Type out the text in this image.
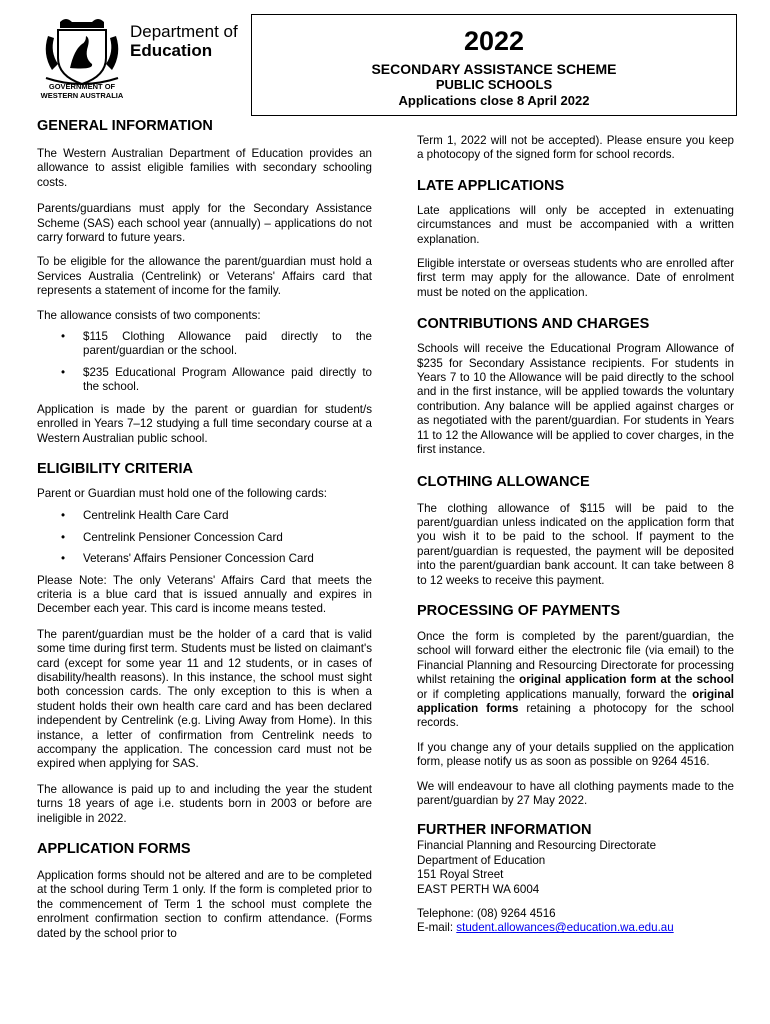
Department of
Education
GOVERNMENT OF
WESTERN AUSTRALIA
2022
SECONDARY ASSISTANCE SCHEME
PUBLIC SCHOOLS
Applications close 8 April 2022
GENERAL INFORMATION

The Western Australian Department of Education provides an allowance to assist eligible families with secondary schooling costs.

Parents/guardians must apply for the Secondary Assistance Scheme (SAS) each school year (annually) – applications do not carry forward to future years.

To be eligible for the allowance the parent/guardian must hold a Services Australia (Centrelink) or Veterans' Affairs card that represents a statement of income for the family.

The allowance consists of two components:

• $115 Clothing Allowance paid directly to the parent/guardian or the school.
• $235 Educational Program Allowance paid directly to the school.

Application is made by the parent or guardian for student/s enrolled in Years 7–12 studying a full time secondary course at a Western Australian public school.

ELIGIBILITY CRITERIA

Parent or Guardian must hold one of the following cards:

• Centrelink Health Care Card
• Centrelink Pensioner Concession Card
• Veterans' Affairs Pensioner Concession Card

Please Note: The only Veterans' Affairs Card that meets the criteria is a blue card that is issued annually and expires in December each year. This card is income means tested.

The parent/guardian must be the holder of a card that is valid some time during first term. Students must be listed on claimant's card (except for some year 11 and 12 students, or in cases of disability/health reasons). In this instance, the school must sight both concession cards. The only exception to this is when a student holds their own health care card and has been declared independent by Centrelink (e.g. Living Away from Home). In this instance, a letter of confirmation from Centrelink needs to accompany the application. The concession card must not be expired when applying for SAS.

The allowance is paid up to and including the year the student turns 18 years of age i.e. students born in 2003 or before are ineligible in 2022.

APPLICATION FORMS

Application forms should not be altered and are to be completed at the school during Term 1 only. If the form is completed prior to the commencement of Term 1 the school must complete the enrolment confirmation section to confirm attendance. (Forms dated by the school prior to

Term 1, 2022 will not be accepted). Please ensure you keep a photocopy of the signed form for school records.

LATE APPLICATIONS

Late applications will only be accepted in extenuating circumstances and must be accompanied with a written explanation.

Eligible interstate or overseas students who are enrolled after first term may apply for the allowance. Date of enrolment must be noted on the application.

CONTRIBUTIONS AND CHARGES

Schools will receive the Educational Program Allowance of $235 for Secondary Assistance recipients. For students in Years 7 to 10 the Allowance will be paid directly to the school and in the first instance, will be applied towards the voluntary contribution. Any balance will be applied against charges or as negotiated with the parent/guardian. For students in Years 11 to 12 the Allowance will be applied to cover charges, in the first instance.

CLOTHING ALLOWANCE

The clothing allowance of $115 will be paid to the parent/guardian unless indicated on the application form that you wish it to be paid to the school. If payment to the parent/guardian is requested, the payment will be deposited into the parent/guardian bank account. It can take between 8 to 12 weeks to receive this payment.

PROCESSING OF PAYMENTS

Once the form is completed by the parent/guardian, the school will forward either the electronic file (via email) to the Financial Planning and Resourcing Directorate for processing whilst retaining the original application form at the school or if completing applications manually, forward the original application forms retaining a photocopy for the school records.

If you change any of your details supplied on the application form, please notify us as soon as possible on 9264 4516.

We will endeavour to have all clothing payments made to the parent/guardian by 27 May 2022.

FURTHER INFORMATION
Financial Planning and Resourcing Directorate
Department of Education
151 Royal Street
EAST PERTH WA 6004
Telephone: (08) 9264 4516
E-mail: student.allowances@education.wa.edu.au
